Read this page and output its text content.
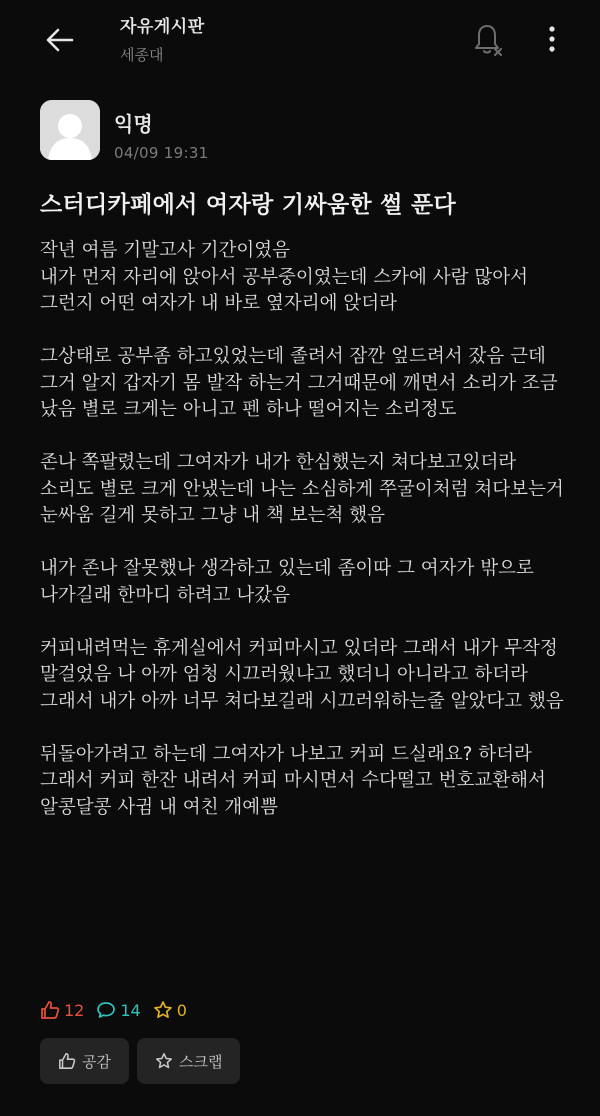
자유게시판
세종대
익명
04/09 19:31
스터디카페에서 여자랑 기싸움한 썰 푼다

작년 여름 기말고사 기간이였음
내가 먼저 자리에 앉아서 공부중이였는데 스카에 사람 많아서 그런지 어떤 여자가 내 바로 옆자리에 앉더라

그상태로 공부좀 하고있었는데 졸려서 잠깐 엎드려서 잤음 근데 그거 알지 갑자기 몸 발작 하는거 그거때문에 깨면서 소리가 조금 났음 별로 크게는 아니고 펜 하나 떨어지는 소리정도

존나 쪽팔렸는데 그여자가 내가 한심했는지 쳐다보고있더라 소리도 별로 크게 안냈는데 나는 소심하게 쭈굴이처럼 쳐다보는거 눈싸움 길게 못하고 그냥 내 책 보는척 했음

내가 존나 잘못했나 생각하고 있는데 좀이따 그 여자가 밖으로 나가길래 한마디 하려고 나갔음

커피내려먹는 휴게실에서 커피마시고 있더라 그래서 내가 무작정 말걸었음 나 아까 엄청 시끄러웠냐고 했더니 아니라고 하더라 그래서 내가 아까 너무 쳐다보길래 시끄러워하는줄 알았다고 했음

뒤돌아가려고 하는데 그여자가 나보고 커피 드실래요? 하더라 그래서 커피 한잔 내려서 커피 마시면서 수다떨고 번호교환해서 알콩달콩 사귐 내 여친 개예쁨

12 14 0
공감	스크랩
